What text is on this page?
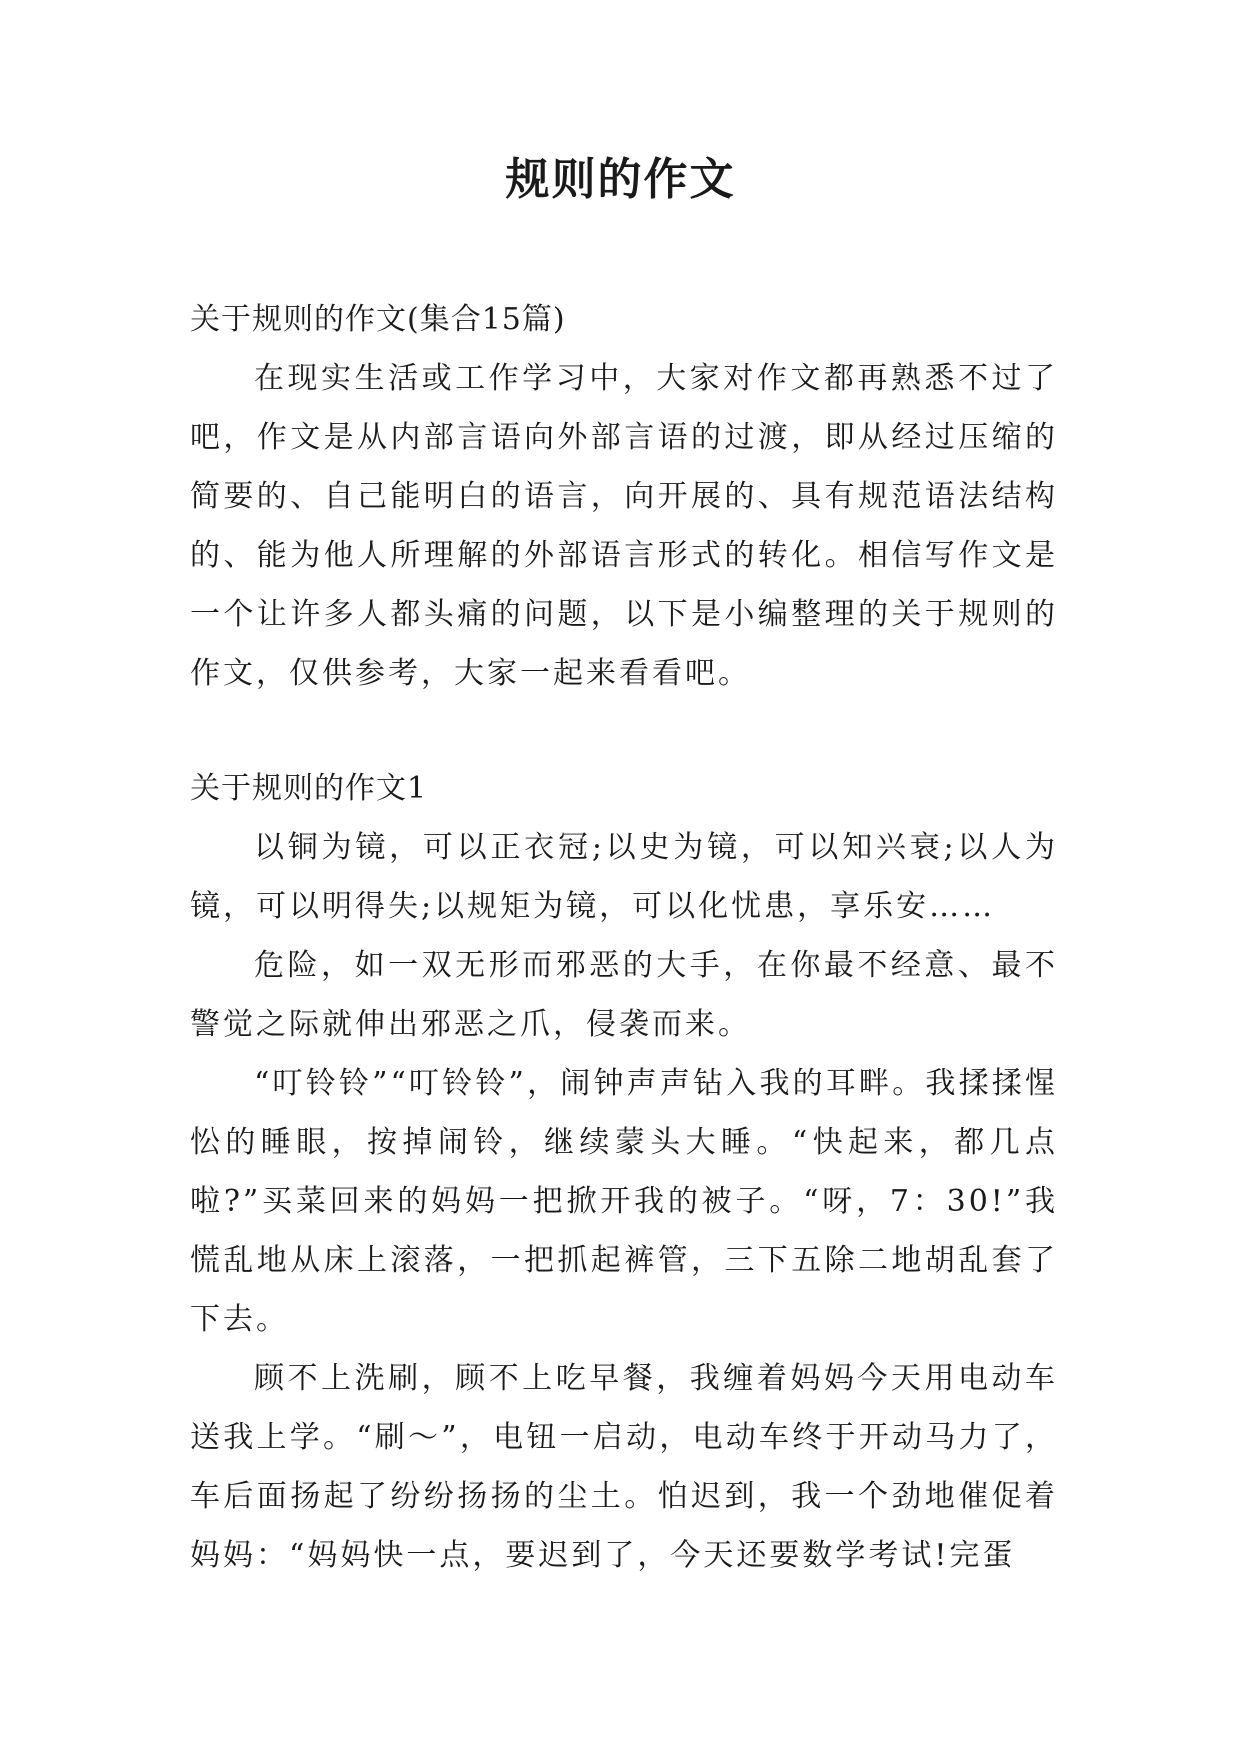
规则的作文

关于规则的作文(集合15篇)

在现实生活或工作学习中，大家对作文都再熟悉不过了吧，作文是从内部言语向外部言语的过渡，即从经过压缩的简要的、自己能明白的语言，向开展的、具有规范语法结构的、能为他人所理解的外部语言形式的转化。相信写作文是一个让许多人都头痛的问题，以下是小编整理的关于规则的作文，仅供参考，大家一起来看看吧。

关于规则的作文1

以铜为镜，可以正衣冠;以史为镜，可以知兴衰;以人为镜，可以明得失;以规矩为镜，可以化忧患，享乐安……

危险，如一双无形而邪恶的大手，在你最不经意、最不警觉之际就伸出邪恶之爪，侵袭而来。

“叮铃铃”“叮铃铃”，闹钟声声钻入我的耳畔。我揉揉惺忪的睡眼，按掉闹铃，继续蒙头大睡。“快起来，都几点啦?”买菜回来的妈妈一把掀开我的被子。“呀，7：30!”我慌乱地从床上滚落，一把抓起裤管，三下五除二地胡乱套了下去。

顾不上洗刷，顾不上吃早餐，我缠着妈妈今天用电动车送我上学。“刷～”，电钮一启动，电动车终于开动马力了，车后面扬起了纷纷扬扬的尘土。怕迟到，我一个劲地催促着妈妈：“妈妈快一点，要迟到了，今天还要数学考试!完蛋
